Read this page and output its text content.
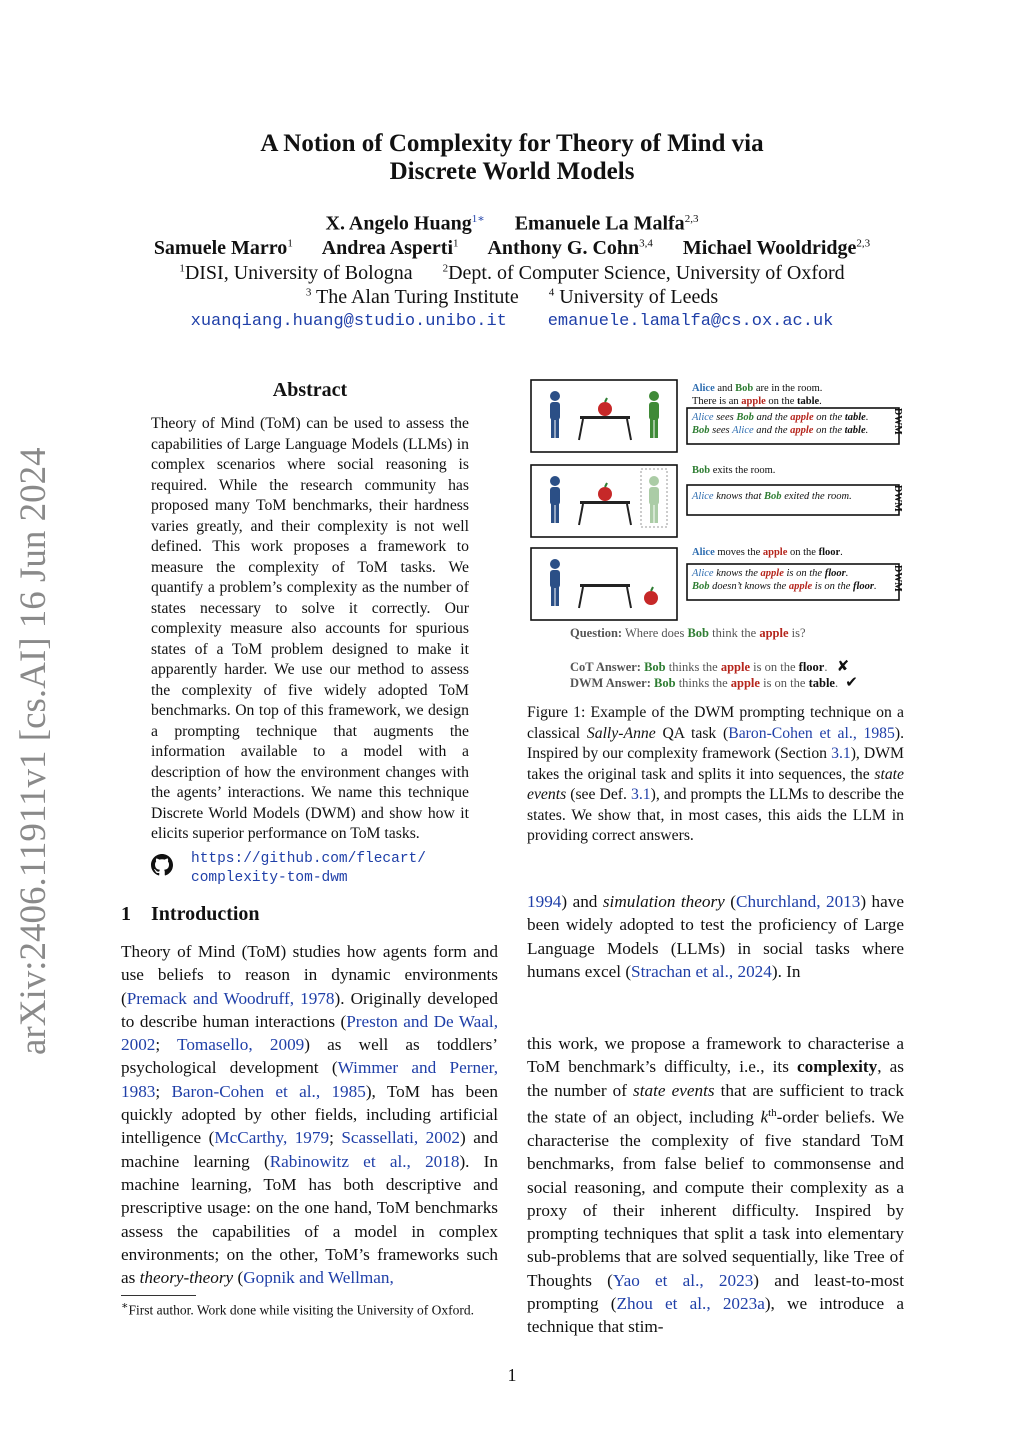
arXiv:2406.11911v1 [cs.AI] 16 Jun 2024
A Notion of Complexity for Theory of Mind via
Discrete World Models
X. Angelo Huang$^{1∗}$ Emanuele La Malfa$^{2,3}$
Samuele Marro$^1$ Andrea Asperti$^1$ Anthony G. Cohn$^{3,4}$ Michael Wooldridge$^{2,3}$
$^1$DISI, University of Bologna	$^2$Dept. of Computer Science, University of Oxford
$^3$ The Alan Turing Institute	$^4$ University of Leeds
xuanqiang.huang@studio.unibo.it emanuele.lamalfa@cs.ox.ac.uk
Abstract
Theory of Mind (ToM) can be used to assess the capabilities of Large Language Models (LLMs) in complex scenarios where social reasoning is required. While the research community has proposed many ToM benchmarks, their hardness varies greatly, and their complexity is not well defined. This work proposes a framework to measure the complexity of ToM tasks. We quantify a problem’s complexity as the number of states necessary to solve it correctly. Our complexity measure also accounts for spurious states of a ToM problem designed to make it apparently harder. We use our method to assess the complexity of five widely adopted ToM benchmarks. On top of this framework, we design a prompting technique that augments the information available to a model with a description of how the environment changes with the agents’ interactions. We name this technique Discrete World Models (DWM) and show how it elicits superior performance on ToM tasks.
https://github.com/flecart/
complexity-tom-dwm
1 Introduction
Theory of Mind (ToM) studies how agents form and use beliefs to reason in dynamic environments (Premack and Woodruff, 1978). Originally developed to describe human interactions (Preston and De Waal, 2002; Tomasello, 2009) as well as toddlers’ psychological development (Wimmer and Perner, 1983; Baron-Cohen et al., 1985), ToM has been quickly adopted by other fields, including artificial intelligence (McCarthy, 1979; Scassellati, 2002) and machine learning (Rabinowitz et al., 2018). In machine learning, ToM has both descriptive and prescriptive usage: on the one hand, ToM benchmarks assess the capabilities of a model in complex environments; on the other, ToM’s frameworks such as theory-theory (Gopnik and Wellman,
∗First author. Work done while visiting the University of Oxford.
Alice and Bob are in the room.
There is an apple on the table.
Alice sees Bob and the apple on the table.
Bob sees Alice and the apple on the table.
Bob exits the room.
Alice knows that Bob exited the room.
Alice moves the apple on the floor.
Alice knows the apple is on the floor.
Bob doesn’t knows the apple is on the floor.
DWM
DWM
DWM
Question: Where does Bob think the apple is?
CoT Answer: Bob thinks the apple is on the floor. ✘
DWM Answer: Bob thinks the apple is on the table. ✔
Figure 1: Example of the DWM prompting technique on a classical Sally-Anne QA task (Baron-Cohen et al., 1985). Inspired by our complexity framework (Section 3.1), DWM takes the original task and splits it into sequences, the state events (see Def. 3.1), and prompts the LLMs to describe the states. We show that, in most cases, this aids the LLM in providing correct answers.
1994) and simulation theory (Churchland, 2013) have been widely adopted to test the proficiency of Large Language Models (LLMs) in social tasks where humans excel (Strachan et al., 2024). In
this work, we propose a framework to characterise a ToM benchmark’s difficulty, i.e., its complexity, as the number of state events that are sufficient to track the state of an object, including $k^{th}$-order beliefs. We characterise the complexity of five standard ToM benchmarks, from false belief to commonsense and social reasoning, and compute their complexity as a proxy of their inherent difficulty. Inspired by prompting techniques that split a task into elementary sub-problems that are solved sequentially, like Tree of Thoughts (Yao et al., 2023) and least-to-most prompting (Zhou et al., 2023a), we introduce a technique that stim-
1
